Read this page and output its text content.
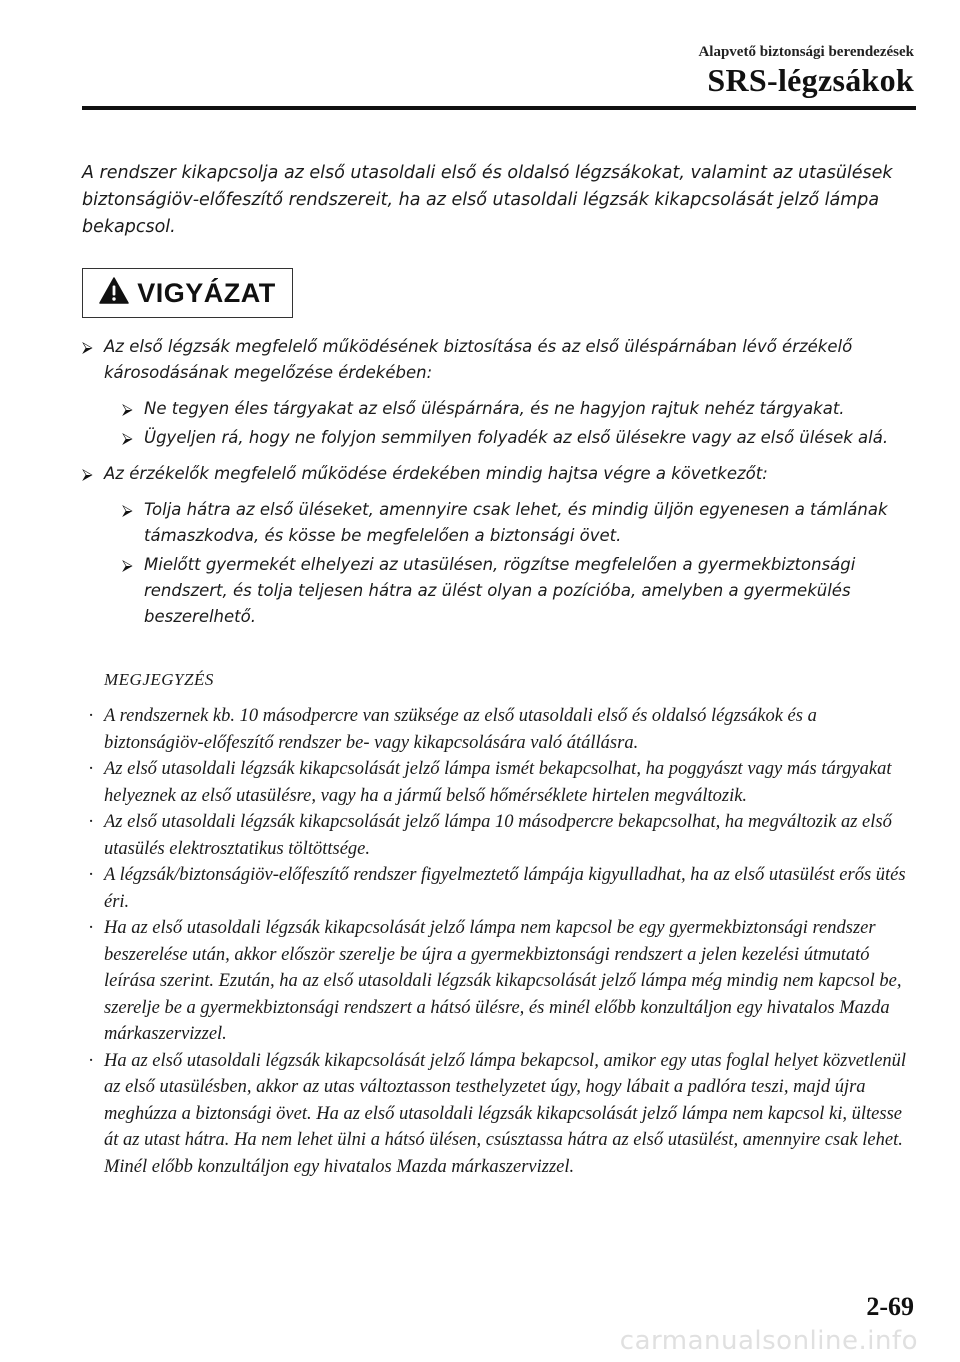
Alapvető biztonsági berendezések
SRS-légzsákok

A rendszer kikapcsolja az első utasoldali első és oldalsó légzsákokat, valamint az utasülések biztonságiöv-előfeszítő rendszereit, ha az első utasoldali légzsák kikapcsolását jelző lámpa bekapcsol.

VIGYÁZAT
⮚ Az első légzsák megfelelő működésének biztosítása és az első üléspárnában lévő érzékelő károsodásának megelőzése érdekében:
⮚ Ne tegyen éles tárgyakat az első üléspárnára, és ne hagyjon rajtuk nehéz tárgyakat.
⮚ Ügyeljen rá, hogy ne folyjon semmilyen folyadék az első ülésekre vagy az első ülések alá.
⮚ Az érzékelők megfelelő működése érdekében mindig hajtsa végre a következőt:
⮚ Tolja hátra az első üléseket, amennyire csak lehet, és mindig üljön egyenesen a támlának támaszkodva, és kösse be megfelelően a biztonsági övet.
⮚ Mielőtt gyermekét elhelyezi az utasülésen, rögzítse megfelelően a gyermekbiztonsági rendszert, és tolja teljesen hátra az ülést olyan a pozícióba, amelyben a gyermekülés beszerelhető.
MEGJEGYZÉS
· A rendszernek kb. 10 másodpercre van szüksége az első utasoldali első és oldalsó légzsákok és a biztonságiöv-előfeszítő rendszer be- vagy kikapcsolására való átállásra.
· Az első utasoldali légzsák kikapcsolását jelző lámpa ismét bekapcsolhat, ha poggyászt vagy más tárgyakat helyeznek az első utasülésre, vagy ha a jármű belső hőmérséklete hirtelen megváltozik.
· Az első utasoldali légzsák kikapcsolását jelző lámpa 10 másodpercre bekapcsolhat, ha megváltozik az első utasülés elektrosztatikus töltöttsége.
· A légzsák/biztonságiöv-előfeszítő rendszer figyelmeztető lámpája kigyulladhat, ha az első utasülést erős ütés éri.
· Ha az első utasoldali légzsák kikapcsolását jelző lámpa nem kapcsol be egy gyermekbiztonsági rendszer beszerelése után, akkor először szerelje be újra a gyermekbiztonsági rendszert a jelen kezelési útmutató leírása szerint. Ezután, ha az első utasoldali légzsák kikapcsolását jelző lámpa még mindig nem kapcsol be, szerelje be a gyermekbiztonsági rendszert a hátsó ülésre, és minél előbb konzultáljon egy hivatalos Mazda márkaszervizzel.
· Ha az első utasoldali légzsák kikapcsolását jelző lámpa bekapcsol, amikor egy utas foglal helyet közvetlenül az első utasülésben, akkor az utas változtasson testhelyzetet úgy, hogy lábait a padlóra teszi, majd újra meghúzza a biztonsági övet. Ha az első utasoldali légzsák kikapcsolását jelző lámpa nem kapcsol ki, ültesse át az utast hátra. Ha nem lehet ülni a hátsó ülésen, csúsztassa hátra az első utasülést, amennyire csak lehet. Minél előbb konzultáljon egy hivatalos Mazda márkaszervizzel.
2-69
carmanualsonline.info
